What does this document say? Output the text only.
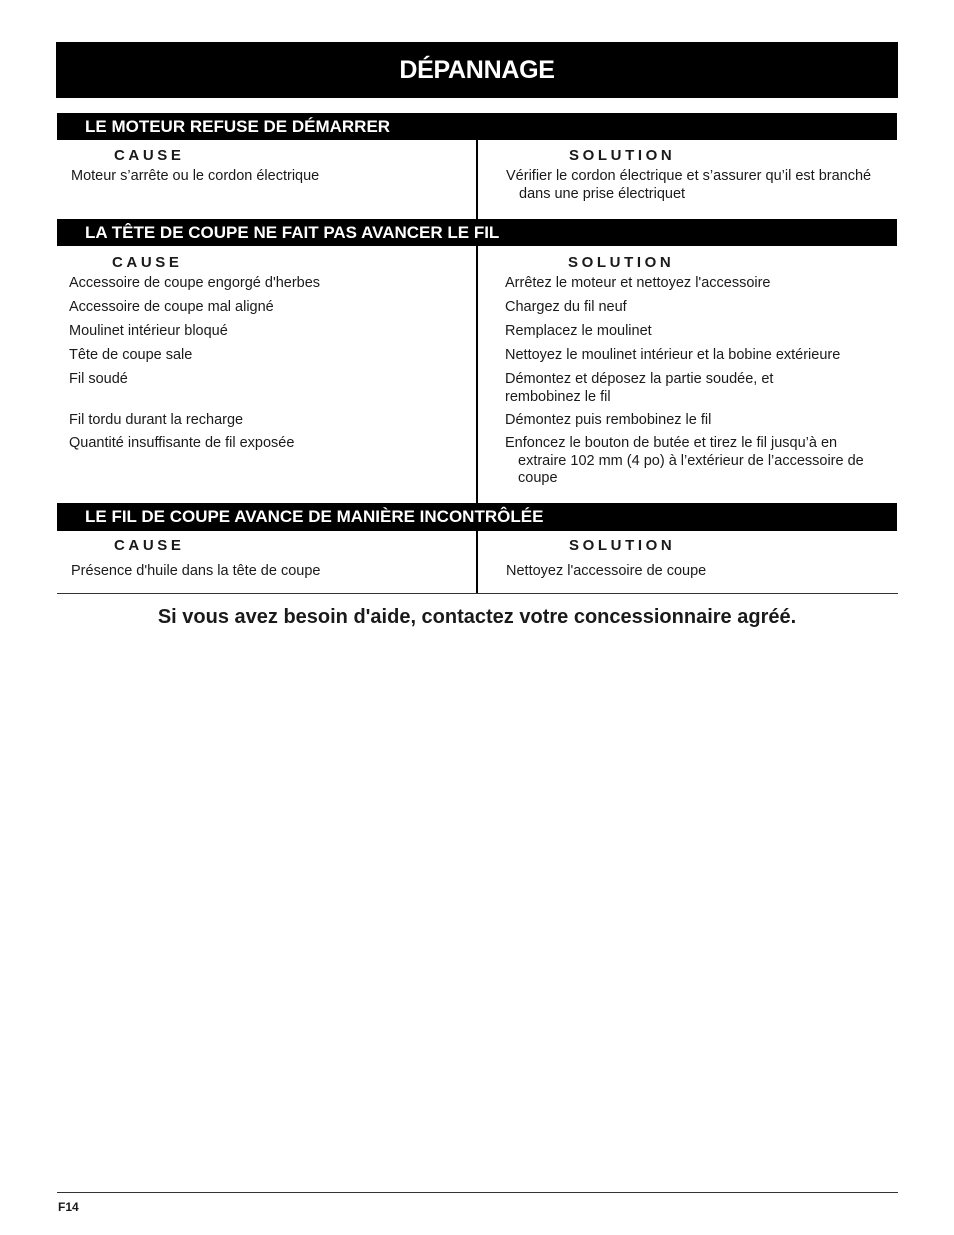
DÉPANNAGE
LE MOTEUR REFUSE DE DÉMARRER
CAUSE	SOLUTION
Moteur s’arrête ou le cordon électrique	Vérifier le cordon électrique et s’assurer qu’il est branché dans une prise électriquet
LA TÊTE DE COUPE NE FAIT PAS AVANCER LE FIL
CAUSE	SOLUTION
Accessoire de coupe engorgé d'herbes	Arrêtez le moteur et nettoyez l'accessoire
Accessoire de coupe mal aligné	Chargez du fil neuf
Moulinet intérieur bloqué	Remplacez le moulinet
Tête de coupe sale	Nettoyez le moulinet intérieur et la bobine extérieure
Fil soudé	Démontez et déposez la partie soudée, et rembobinez le fil
Fil tordu durant la recharge	Démontez puis rembobinez le fil
Quantité insuffisante de fil exposée	Enfoncez le bouton de butée et tirez le fil jusqu’à en extraire 102 mm (4 po) à l’extérieur de l’accessoire de coupe
LE FIL DE COUPE AVANCE DE MANIÈRE INCONTRÔLÉE
CAUSE	SOLUTION
Présence d'huile dans la tête de coupe	Nettoyez l'accessoire de coupe
Si vous avez besoin d'aide, contactez votre concessionnaire agréé.
F14
